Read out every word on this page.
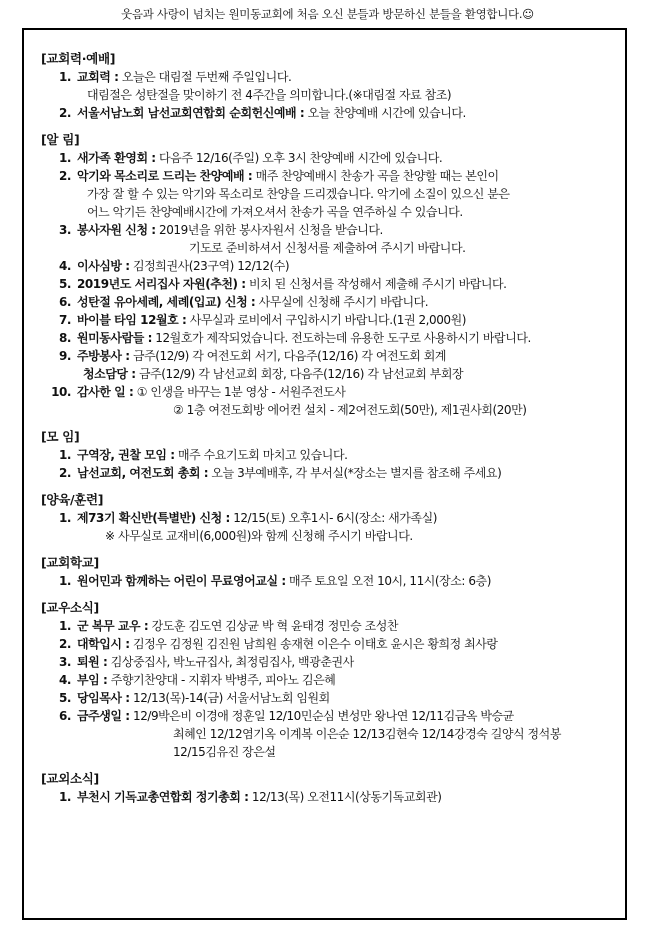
웃음과 사랑이 넘치는 원미동교회에 처음 오신 분들과 방문하신 분들을 환영합니다.☺
[교회력·예배]
1. 교회력 : 오늘은 대림절 두번째 주일입니다.
대림절은 성탄절을 맞이하기 전 4주간을 의미합니다.(※대림절 자료 참조)
2. 서울서남노회 남선교회연합회 순회헌신예배 : 오늘 찬양예배 시간에 있습니다.
[알 림]
1. 새가족 환영회 : 다음주 12/16(주일) 오후 3시 찬양예배 시간에 있습니다.
2. 악기와 목소리로 드리는 찬양예배 : 매주 찬양예배시 찬송가 곡을 찬양할 때는 본인이
가장 잘 할 수 있는 악기와 목소리로 찬양을 드리겠습니다. 악기에 소질이 있으신 분은
어느 악기든 찬양예배시간에 가져오셔서 찬송가 곡을 연주하실 수 있습니다.
3. 봉사자원 신청 : 2019년을 위한 봉사자원서 신청을 받습니다.
기도로 준비하셔서 신청서를 제출하여 주시기 바랍니다.
4. 이사심방 : 김정희권사(23구역) 12/12(수)
5. 2019년도 서리집사 자원(추천) : 비치 된 신청서를 작성해서 제출해 주시기 바랍니다.
6. 성탄절 유아세례, 세례(입교) 신청 : 사무실에 신청해 주시기 바랍니다.
7. 바이블 타임 12월호 : 사무실과 로비에서 구입하시기 바랍니다.(1권 2,000원)
8. 원미동사람들 : 12월호가 제작되었습니다. 전도하는데 유용한 도구로 사용하시기 바랍니다.
9. 주방봉사 : 금주(12/9) 각 여전도회 서기, 다음주(12/16) 각 여전도회 회계
청소담당 : 금주(12/9) 각 남선교회 회장, 다음주(12/16) 각 남선교회 부회장
10. 감사한 일 : ① 인생을 바꾸는 1분 영상 - 서원주전도사
② 1층 여전도회방 에어컨 설치 - 제2여전도회(50만), 제1권사회(20만)
[모 임]
1. 구역장, 권찰 모임 : 매주 수요기도회 마치고 있습니다.
2. 남선교회, 여전도회 총회 : 오늘 3부예배후, 각 부서실(*장소는 별지를 참조해 주세요)
[양육/훈련]
1. 제73기 확신반(특별반) 신청 : 12/15(토) 오후1시- 6시(장소: 새가족실)
※ 사무실로 교재비(6,000원)와 함께 신청해 주시기 바랍니다.
[교회학교]
1. 원어민과 함께하는 어린이 무료영어교실 : 매주 토요일 오전 10시, 11시(장소: 6층)
[교우소식]
1. 군 복무 교우 : 강도훈 김도연 김상균 박 혁 윤태경 정민승 조성찬
2. 대학입시 : 김정우 김정원 김진원 남희원 송재현 이은수 이태호 윤시은 황희정 최사랑
3. 퇴원 : 김상중집사, 박노규집사, 최정림집사, 백광춘권사
4. 부임 : 주향기찬양대 - 지휘자 박병주, 피아노 김은혜
5. 당임목사 : 12/13(목)-14(금) 서울서남노회 임원회
6. 금주생일 : 12/9박은비 이경애 정훈일 12/10민순심 변성만 왕나연 12/11김금옥 박승균
최혜인 12/12염기옥 이계복 이은순 12/13김현숙 12/14강경숙 길양식 정석봉
12/15김유진 장은설
[교외소식]
1. 부천시 기독교총연합회 정기총회 : 12/13(목) 오전11시(상동기독교회관)
